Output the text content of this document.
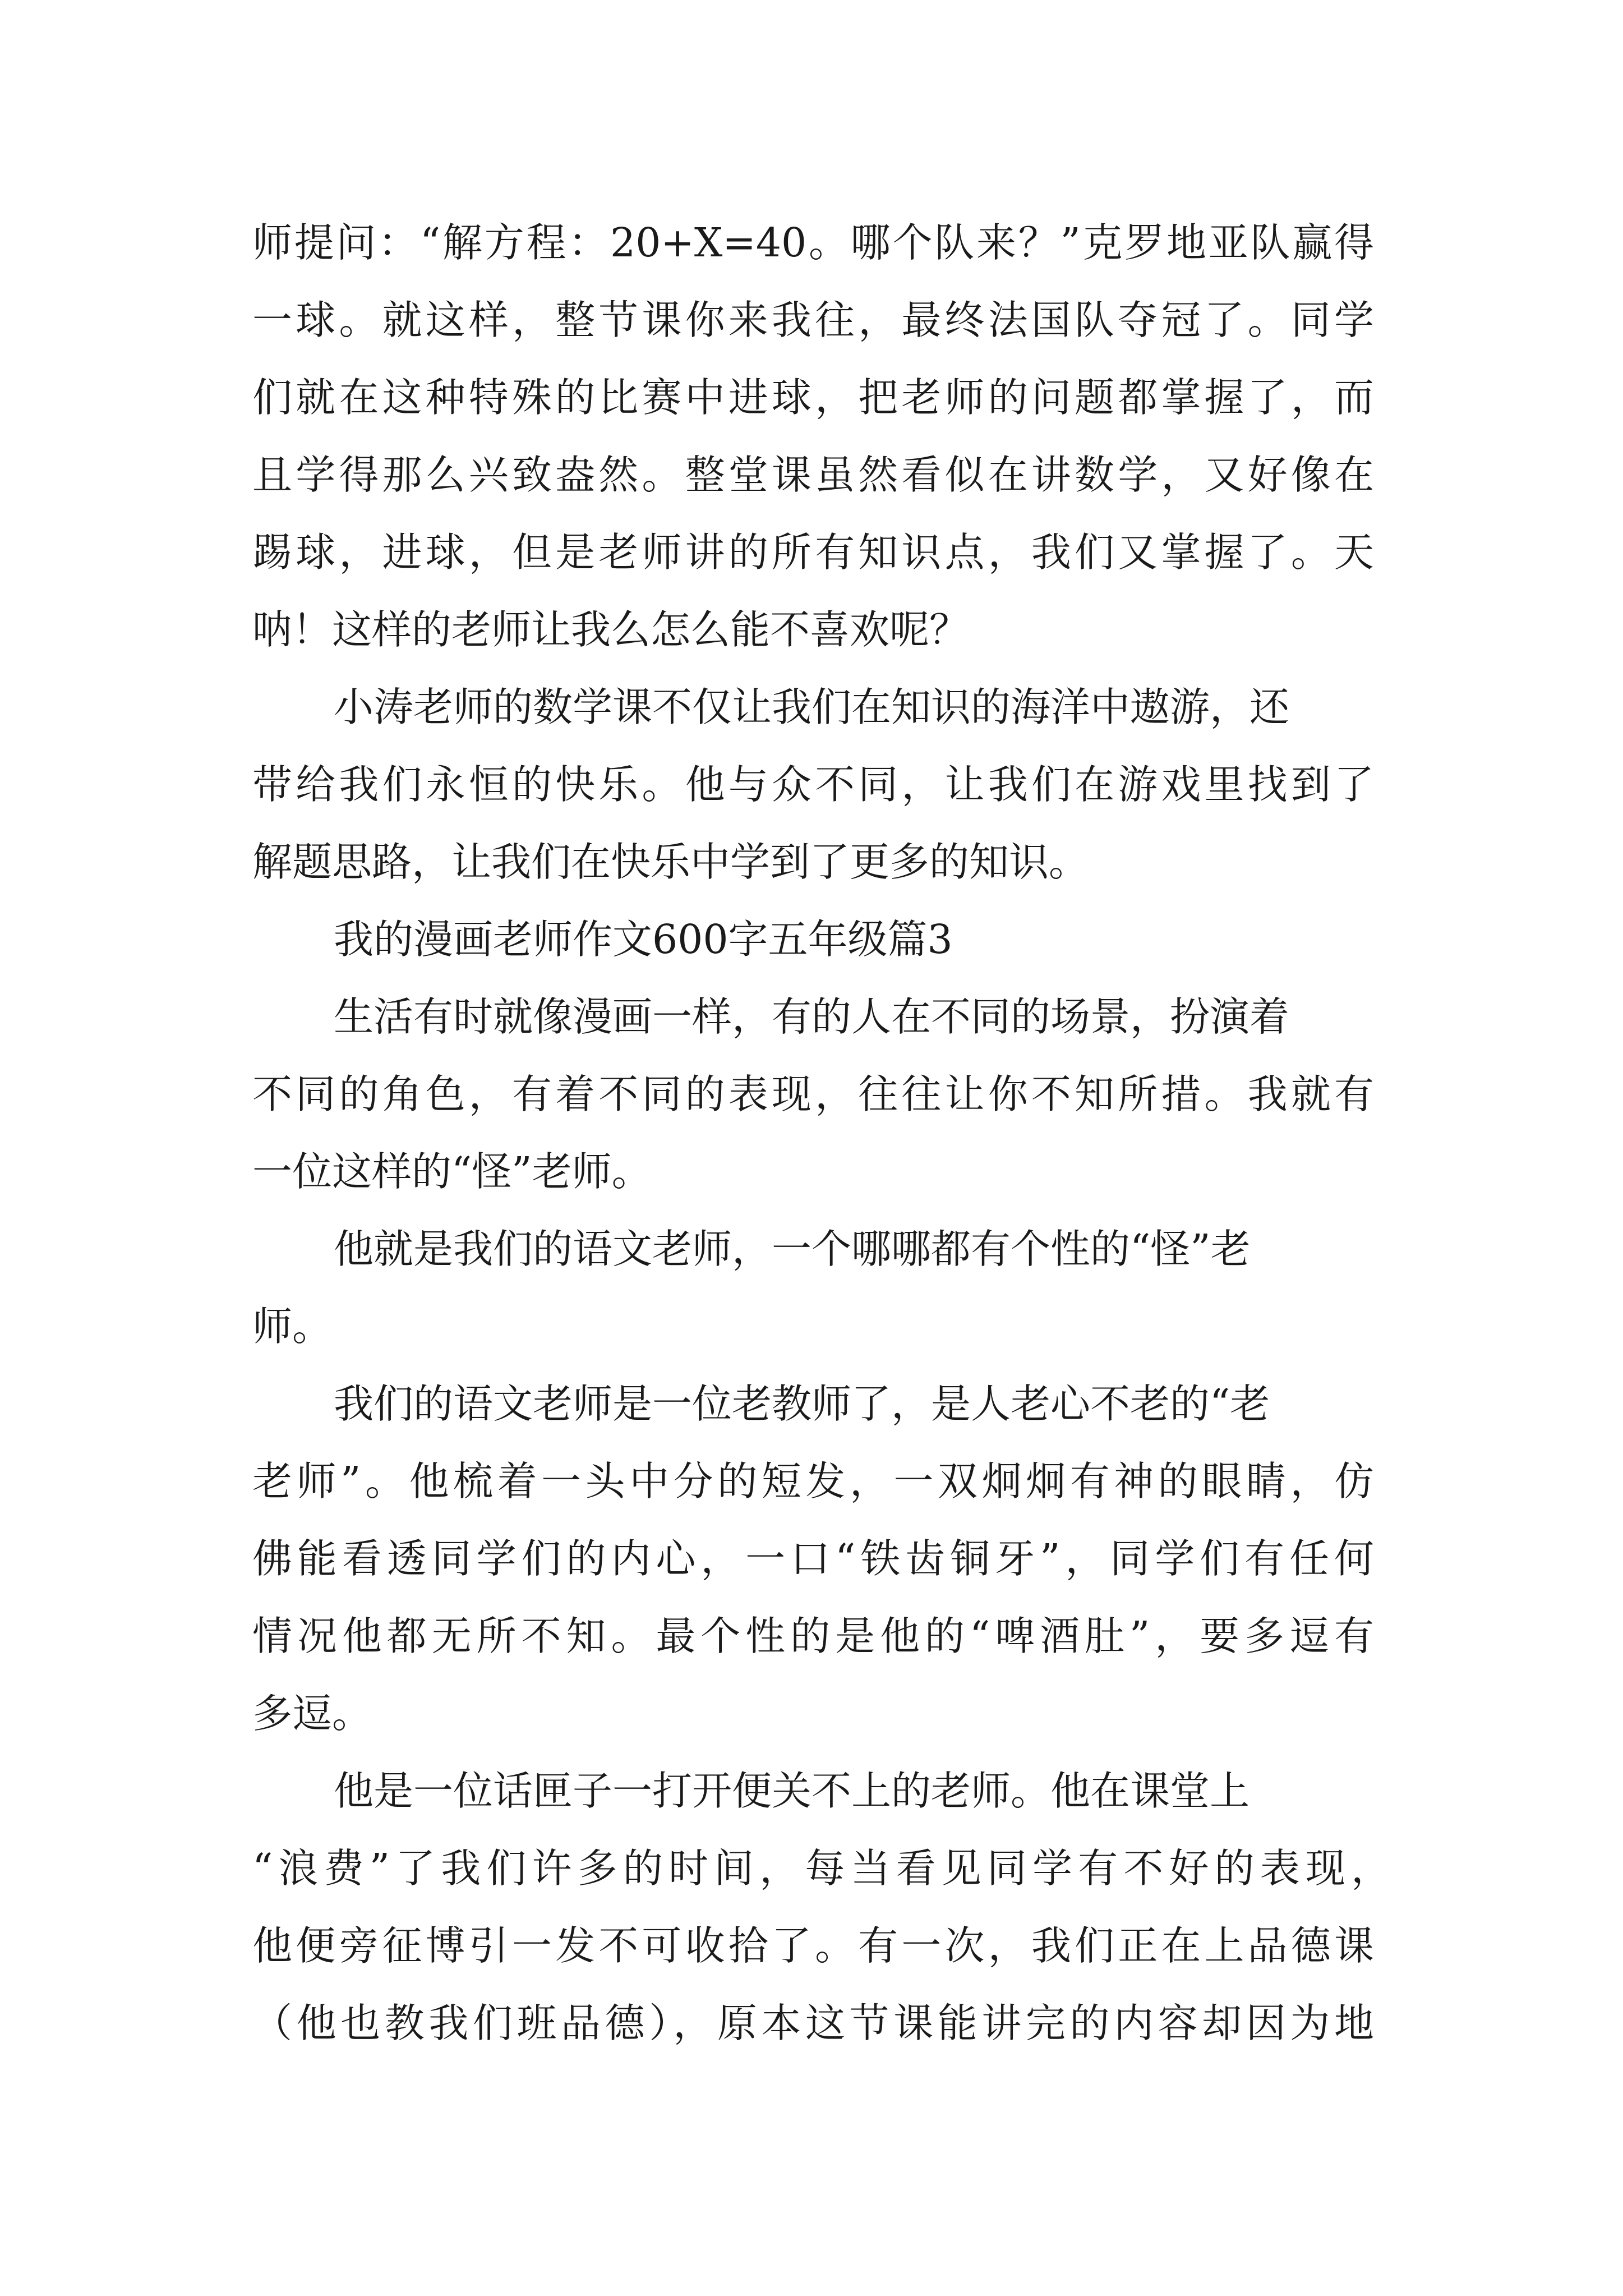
师提问：“解方程：20+X=40。哪个队来？”克罗地亚队赢得
一球。就这样，整节课你来我往，最终法国队夺冠了。同学
们就在这种特殊的比赛中进球，把老师的问题都掌握了，而
且学得那么兴致盎然。整堂课虽然看似在讲数学，又好像在
踢球，进球，但是老师讲的所有知识点，我们又掌握了。天
呐！这样的老师让我么怎么能不喜欢呢？
小涛老师的数学课不仅让我们在知识的海洋中遨游，还
带给我们永恒的快乐。他与众不同，让我们在游戏里找到了
解题思路，让我们在快乐中学到了更多的知识。
我的漫画老师作文600字五年级篇3
生活有时就像漫画一样，有的人在不同的场景，扮演着
不同的角色，有着不同的表现，往往让你不知所措。我就有
一位这样的“怪”老师。
他就是我们的语文老师，一个哪哪都有个性的“怪”老
师。
我们的语文老师是一位老教师了，是人老心不老的“老
老师”。他梳着一头中分的短发，一双炯炯有神的眼睛，仿
佛能看透同学们的内心，一口“铁齿铜牙”，同学们有任何
情况他都无所不知。最个性的是他的“啤酒肚”，要多逗有
多逗。
他是一位话匣子一打开便关不上的老师。他在课堂上
“浪费”了我们许多的时间，每当看见同学有不好的表现，
他便旁征博引一发不可收拾了。有一次，我们正在上品德课
（他也教我们班品德），原本这节课能讲完的内容却因为地
